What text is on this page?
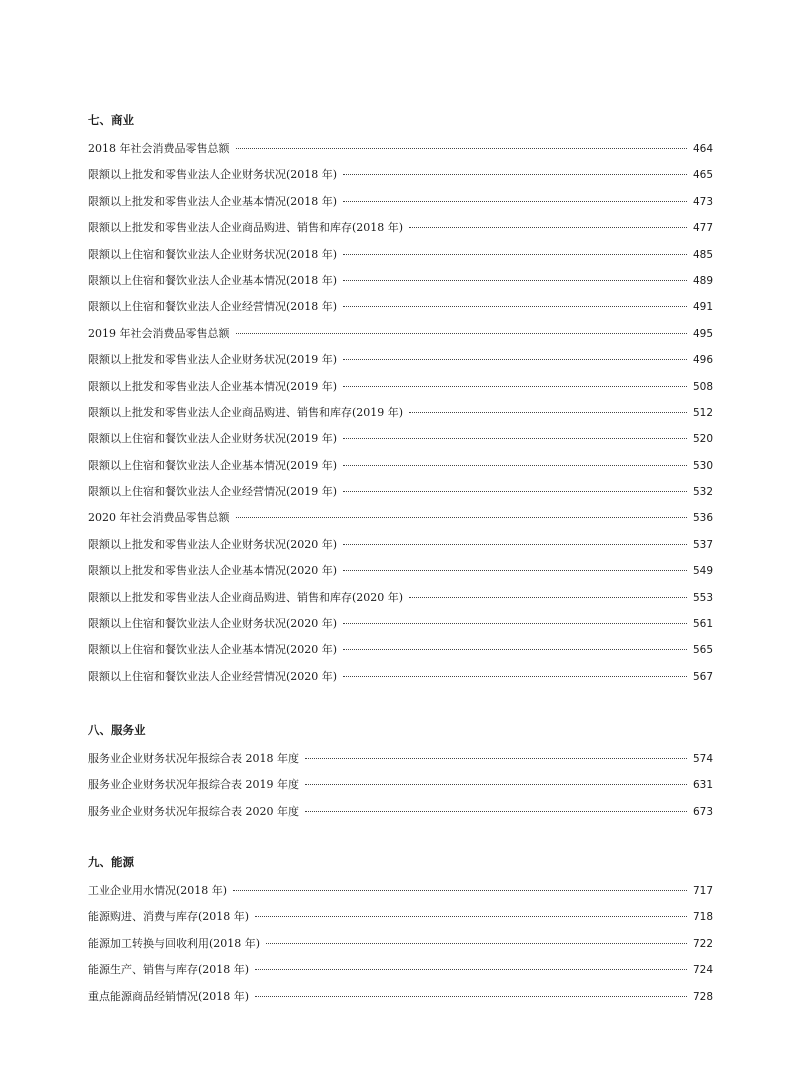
七、商业
2018 年社会消费品零售总额	464
限额以上批发和零售业法人企业财务状况(2018 年)	465
限额以上批发和零售业法人企业基本情况(2018 年)	473
限额以上批发和零售业法人企业商品购进、销售和库存(2018 年)	477
限额以上住宿和餐饮业法人企业财务状况(2018 年)	485
限额以上住宿和餐饮业法人企业基本情况(2018 年)	489
限额以上住宿和餐饮业法人企业经营情况(2018 年)	491
2019 年社会消费品零售总额	495
限额以上批发和零售业法人企业财务状况(2019 年)	496
限额以上批发和零售业法人企业基本情况(2019 年)	508
限额以上批发和零售业法人企业商品购进、销售和库存(2019 年)	512
限额以上住宿和餐饮业法人企业财务状况(2019 年)	520
限额以上住宿和餐饮业法人企业基本情况(2019 年)	530
限额以上住宿和餐饮业法人企业经营情况(2019 年)	532
2020 年社会消费品零售总额	536
限额以上批发和零售业法人企业财务状况(2020 年)	537
限额以上批发和零售业法人企业基本情况(2020 年)	549
限额以上批发和零售业法人企业商品购进、销售和库存(2020 年)	553
限额以上住宿和餐饮业法人企业财务状况(2020 年)	561
限额以上住宿和餐饮业法人企业基本情况(2020 年)	565
限额以上住宿和餐饮业法人企业经营情况(2020 年)	567
八、服务业
服务业企业财务状况年报综合表 2018 年度	574
服务业企业财务状况年报综合表 2019 年度	631
服务业企业财务状况年报综合表 2020 年度	673
九、能源
工业企业用水情况(2018 年)	717
能源购进、消费与库存(2018 年)	718
能源加工转换与回收利用(2018 年)	722
能源生产、销售与库存(2018 年)	724
重点能源商品经销情况(2018 年)	728
